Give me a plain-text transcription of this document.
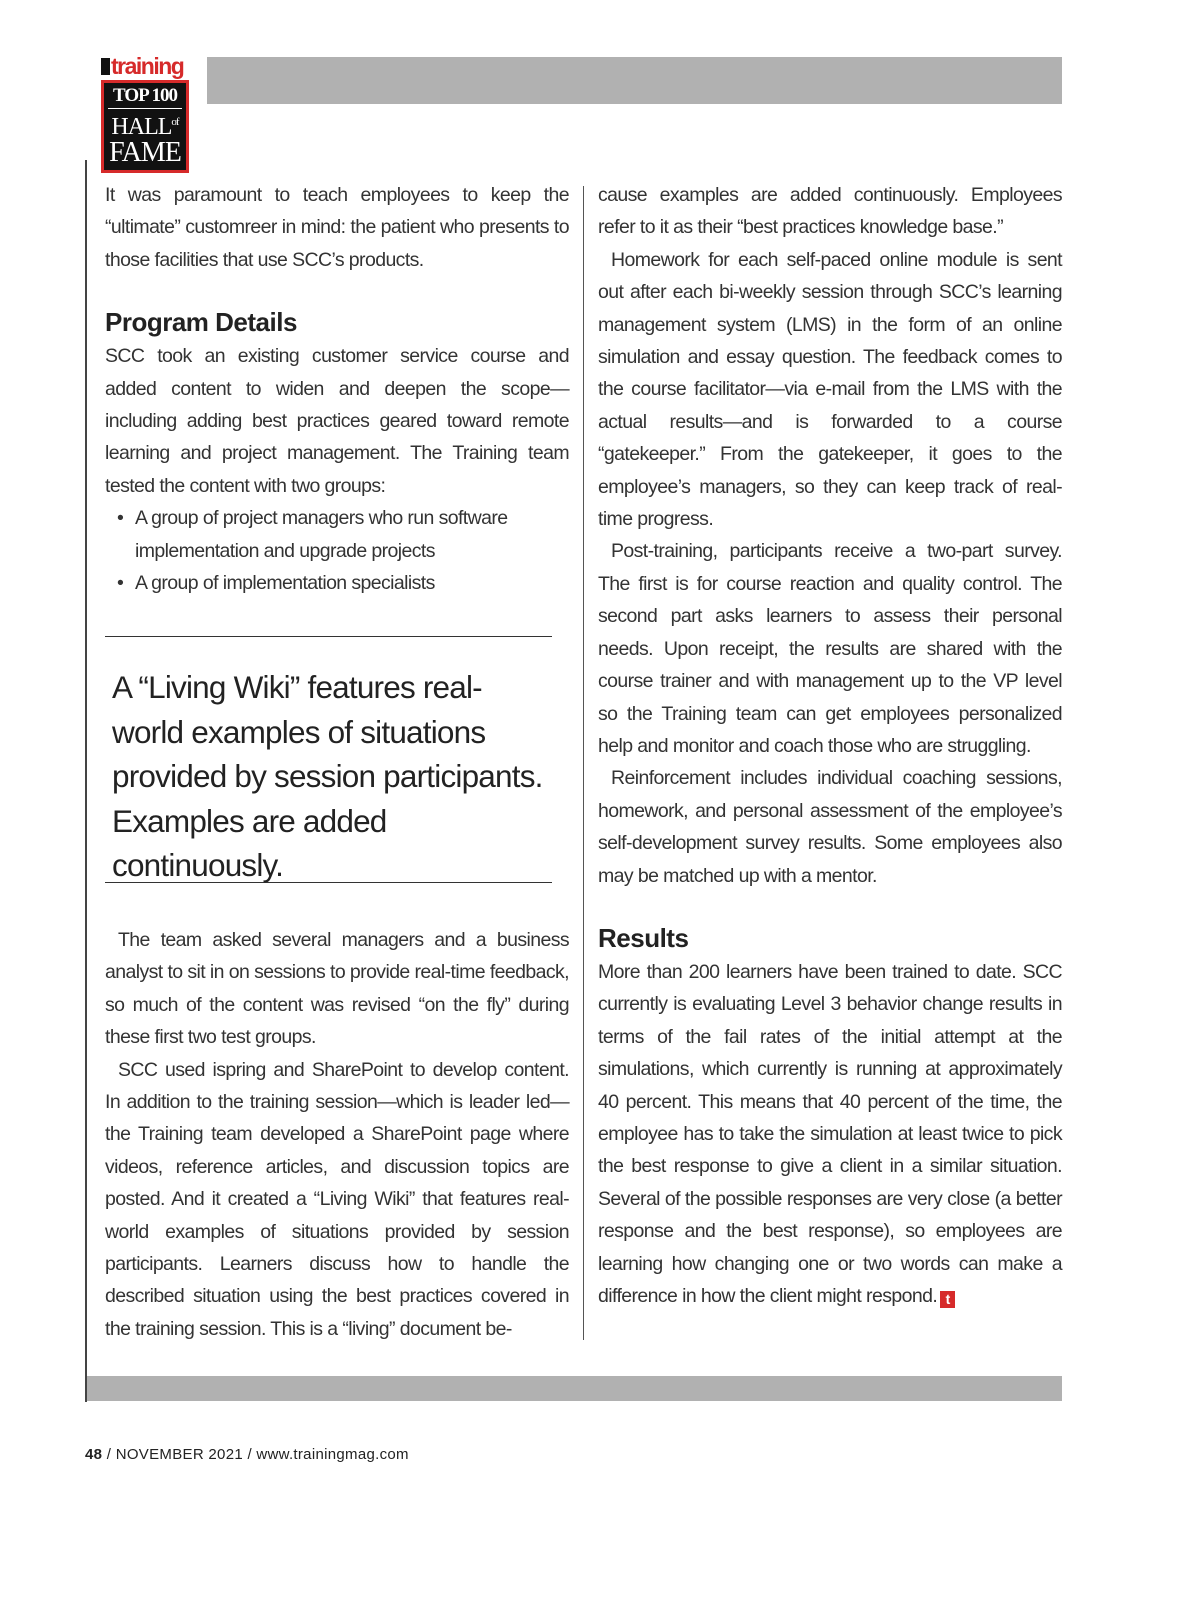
training
TOP 100
$HALL^{of}$
FAME

It was paramount to teach employees to keep the “ultimate” customreer in mind: the patient who presents to those facilities that use SCC’s products.

Program Details

SCC took an existing customer service course and added content to widen and deepen the scope—including adding best practices geared toward remote learning and project management. The Training team tested the content with two groups:

• A group of project managers who run software implementation and upgrade projects
• A group of implementation specialists

A “Living Wiki” features real-world examples of situations provided by session participants. Examples are added continuously.

The team asked several managers and a business analyst to sit in on sessions to provide real-time feedback, so much of the content was revised “on the fly” during these first two test groups.

SCC used ispring and SharePoint to develop content. In addition to the training session—which is leader led—the Training team developed a SharePoint page where videos, reference articles, and discussion topics are posted. And it created a “Living Wiki” that features real-world examples of situations provided by session participants. Learners discuss how to handle the described situation using the best practices covered in the training session. This is a “living” document be-

cause examples are added continuously. Employees refer to it as their “best practices knowledge base.”

Homework for each self-paced online module is sent out after each bi-weekly session through SCC’s learning management system (LMS) in the form of an online simulation and essay question. The feedback comes to the course facilitator—via e-mail from the LMS with the actual results—and is forwarded to a course “gatekeeper.” From the gatekeeper, it goes to the employee’s managers, so they can keep track of real-time progress.

Post-training, participants receive a two-part survey. The first is for course reaction and quality control. The second part asks learners to assess their personal needs. Upon receipt, the results are shared with the course trainer and with management up to the VP level so the Training team can get employees personalized help and monitor and coach those who are struggling.

Reinforcement includes individual coaching sessions, homework, and personal assessment of the employee’s self-development survey results. Some employees also may be matched up with a mentor.

Results

More than 200 learners have been trained to date. SCC currently is evaluating Level 3 behavior change results in terms of the fail rates of the initial attempt at the simulations, which currently is running at approximately 40 percent. This means that 40 percent of the time, the employee has to take the simulation at least twice to pick the best response to give a client in a similar situation. Several of the possible responses are very close (a better response and the best response), so employees are learning how changing one or two words can make a difference in how the client might respond. t

48 / NOVEMBER 2021 / www.trainingmag.com
